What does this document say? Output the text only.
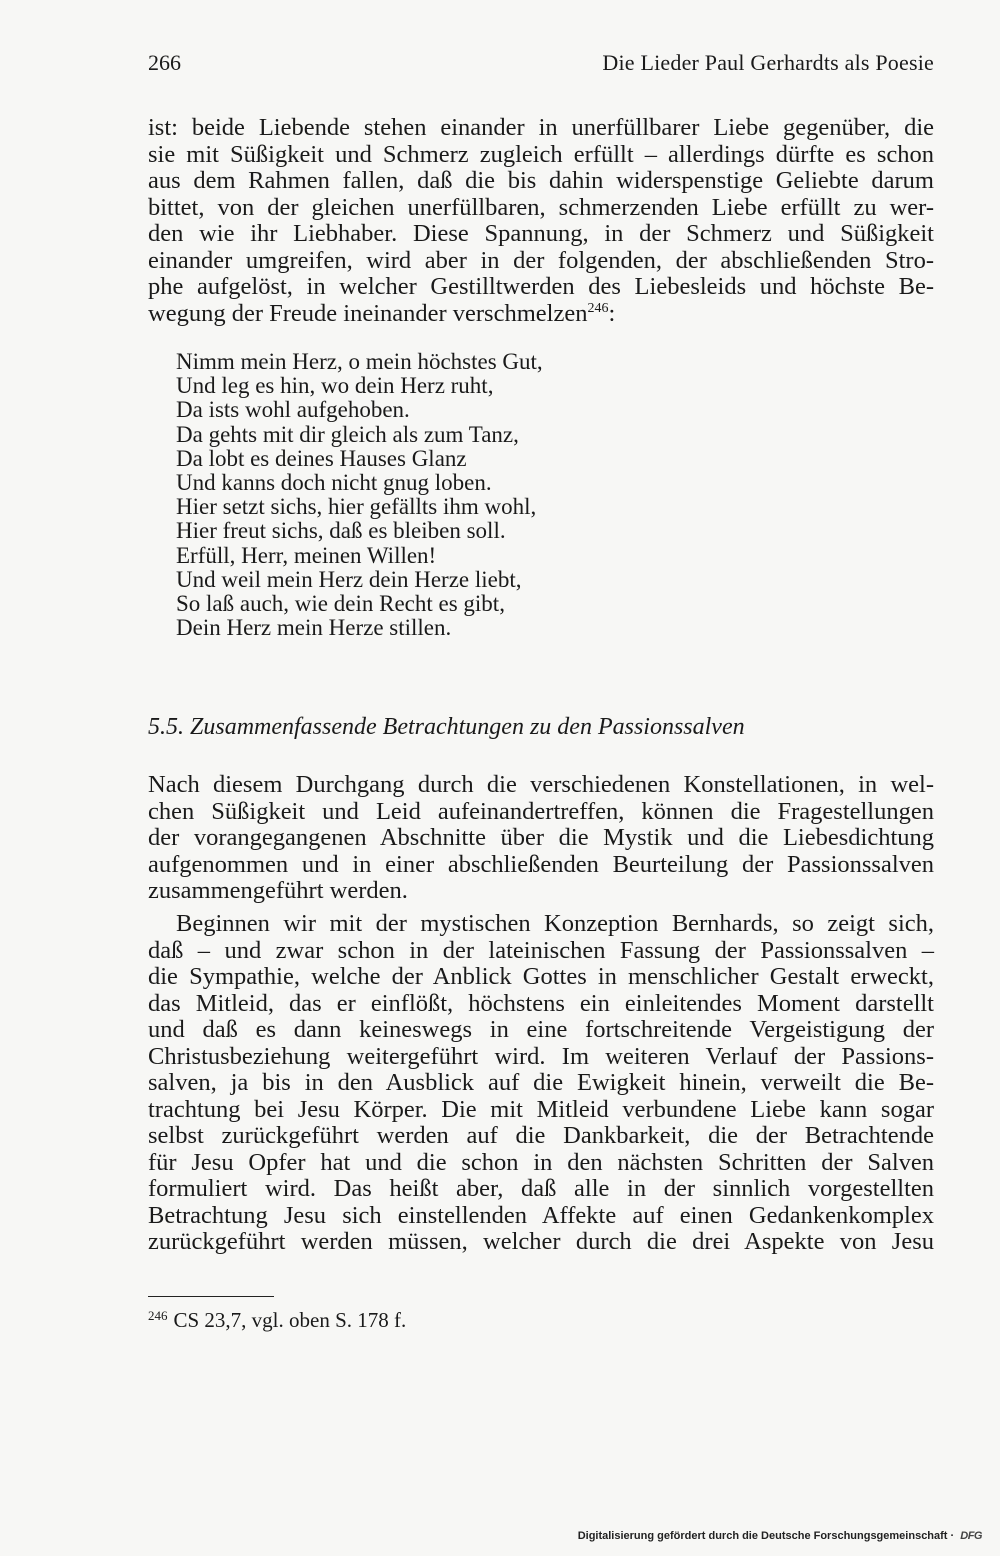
266	Die Lieder Paul Gerhardts als Poesie
ist: beide Liebende stehen einander in unerfüllbarer Liebe gegenüber, die
sie mit Süßigkeit und Schmerz zugleich erfüllt – allerdings dürfte es schon
aus dem Rahmen fallen, daß die bis dahin widerspenstige Geliebte darum
bittet, von der gleichen unerfüllbaren, schmerzenden Liebe erfüllt zu wer-
den wie ihr Liebhaber. Diese Spannung, in der Schmerz und Süßigkeit
einander umgreifen, wird aber in der folgenden, der abschließenden Stro-
phe aufgelöst, in welcher Gestilltwerden des Liebesleids und höchste Be-
wegung der Freude ineinander verschmelzen$^{246}$:
Nimm mein Herz, o mein höchstes Gut,
Und leg es hin, wo dein Herz ruht,
Da ists wohl aufgehoben.
Da gehts mit dir gleich als zum Tanz,
Da lobt es deines Hauses Glanz
Und kanns doch nicht gnug loben.
Hier setzt sichs, hier gefällts ihm wohl,
Hier freut sichs, daß es bleiben soll.
Erfüll, Herr, meinen Willen!
Und weil mein Herz dein Herze liebt,
So laß auch, wie dein Recht es gibt,
Dein Herz mein Herze stillen.
5.5. Zusammenfassende Betrachtungen zu den Passionssalven
Nach diesem Durchgang durch die verschiedenen Konstellationen, in wel-
chen Süßigkeit und Leid aufeinandertreffen, können die Fragestellungen
der vorangegangenen Abschnitte über die Mystik und die Liebesdichtung
aufgenommen und in einer abschließenden Beurteilung der Passionssalven
zusammengeführt werden.
Beginnen wir mit der mystischen Konzeption Bernhards, so zeigt sich,
daß – und zwar schon in der lateinischen Fassung der Passionssalven –
die Sympathie, welche der Anblick Gottes in menschlicher Gestalt erweckt,
das Mitleid, das er einflößt, höchstens ein einleitendes Moment darstellt
und daß es dann keineswegs in eine fortschreitende Vergeistigung der
Christusbeziehung weitergeführt wird. Im weiteren Verlauf der Passions-
salven, ja bis in den Ausblick auf die Ewigkeit hinein, verweilt die Be-
trachtung bei Jesu Körper. Die mit Mitleid verbundene Liebe kann sogar
selbst zurückgeführt werden auf die Dankbarkeit, die der Betrachtende
für Jesu Opfer hat und die schon in den nächsten Schritten der Salven
formuliert wird. Das heißt aber, daß alle in der sinnlich vorgestellten
Betrachtung Jesu sich einstellenden Affekte auf einen Gedankenkomplex
zurückgeführt werden müssen, welcher durch die drei Aspekte von Jesu
$^{246}$ CS 23,7, vgl. oben S. 178 f.
Digitalisierung gefördert durch die Deutsche Forschungsgemeinschaft · DFG
